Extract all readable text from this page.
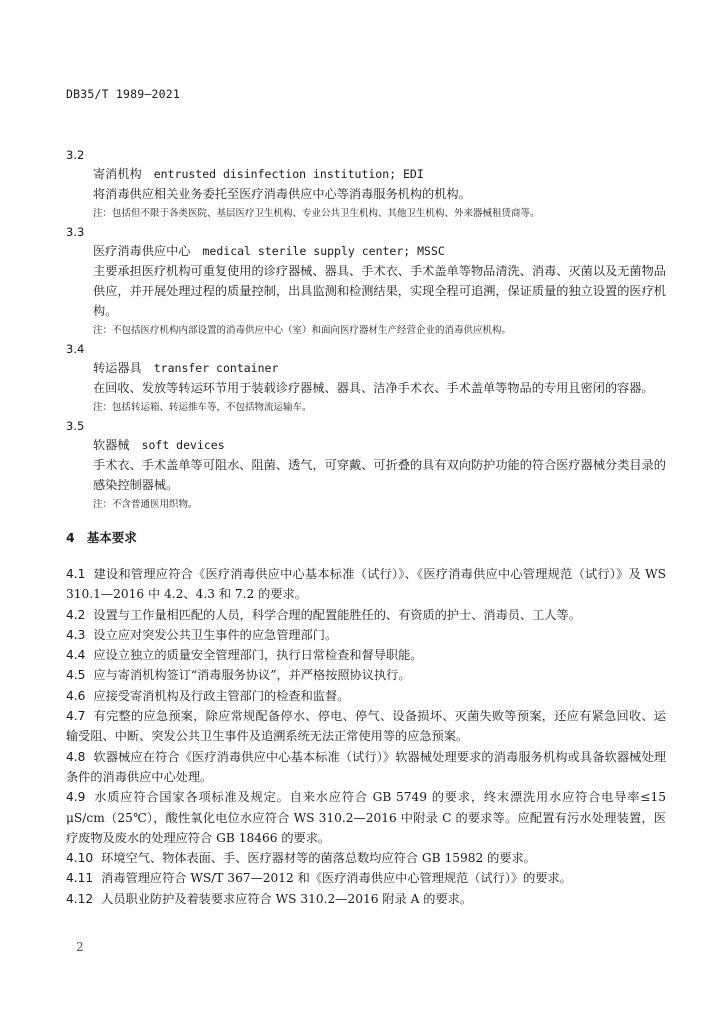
DB35/T 1989—2021
3.2
寄消机构 entrusted disinfection institution; EDI
将消毒供应相关业务委托至医疗消毒供应中心等消毒服务机构的机构。
注：包括但不限于各类医院、基层医疗卫生机构、专业公共卫生机构、其他卫生机构、外来器械租赁商等。
3.3
医疗消毒供应中心 medical sterile supply center; MSSC
主要承担医疗机构可重复使用的诊疗器械、器具、手术衣、手术盖单等物品清洗、消毒、灭菌以及无菌物品供应，并开展处理过程的质量控制，出具监测和检测结果，实现全程可追溯，保证质量的独立设置的医疗机构。
注：不包括医疗机构内部设置的消毒供应中心（室）和面向医疗器材生产经营企业的消毒供应机构。
3.4
转运器具 transfer container
在回收、发放等转运环节用于装载诊疗器械、器具、洁净手术衣、手术盖单等物品的专用且密闭的容器。
注：包括转运箱、转运推车等，不包括物流运输车。
3.5
软器械 soft devices
手术衣、手术盖单等可阻水、阻菌、透气，可穿戴、可折叠的具有双向防护功能的符合医疗器械分类目录的感染控制器械。
注：不含普通医用织物。
4 基本要求
4.1 建设和管理应符合《医疗消毒供应中心基本标准（试行）》、《医疗消毒供应中心管理规范（试行）》及 WS 310.1—2016 中 4.2、4.3 和 7.2 的要求。
4.2 设置与工作量相匹配的人员，科学合理的配置能胜任的、有资质的护士、消毒员、工人等。
4.3 设立应对突发公共卫生事件的应急管理部门。
4.4 应设立独立的质量安全管理部门，执行日常检查和督导职能。
4.5 应与寄消机构签订“消毒服务协议”，并严格按照协议执行。
4.6 应接受寄消机构及行政主管部门的检查和监督。
4.7 有完整的应急预案，除应常规配备停水、停电、停气、设备损坏、灭菌失败等预案，还应有紧急回收、运输受阻、中断、突发公共卫生事件及追溯系统无法正常使用等的应急预案。
4.8 软器械应在符合《医疗消毒供应中心基本标准（试行）》软器械处理要求的消毒服务机构或具备软器械处理条件的消毒供应中心处理。
4.9 水质应符合国家各项标准及规定。自来水应符合 GB 5749 的要求，终末漂洗用水应符合电导率≤15 μS/cm（25℃），酸性氧化电位水应符合 WS 310.2—2016 中附录 C 的要求等。应配置有污水处理装置，医疗废物及废水的处理应符合 GB 18466 的要求。
4.10 环境空气、物体表面、手、医疗器材等的菌落总数均应符合 GB 15982 的要求。
4.11 消毒管理应符合 WS/T 367—2012 和《医疗消毒供应中心管理规范（试行）》的要求。
4.12 人员职业防护及着装要求应符合 WS 310.2—2016 附录 A 的要求。
2
